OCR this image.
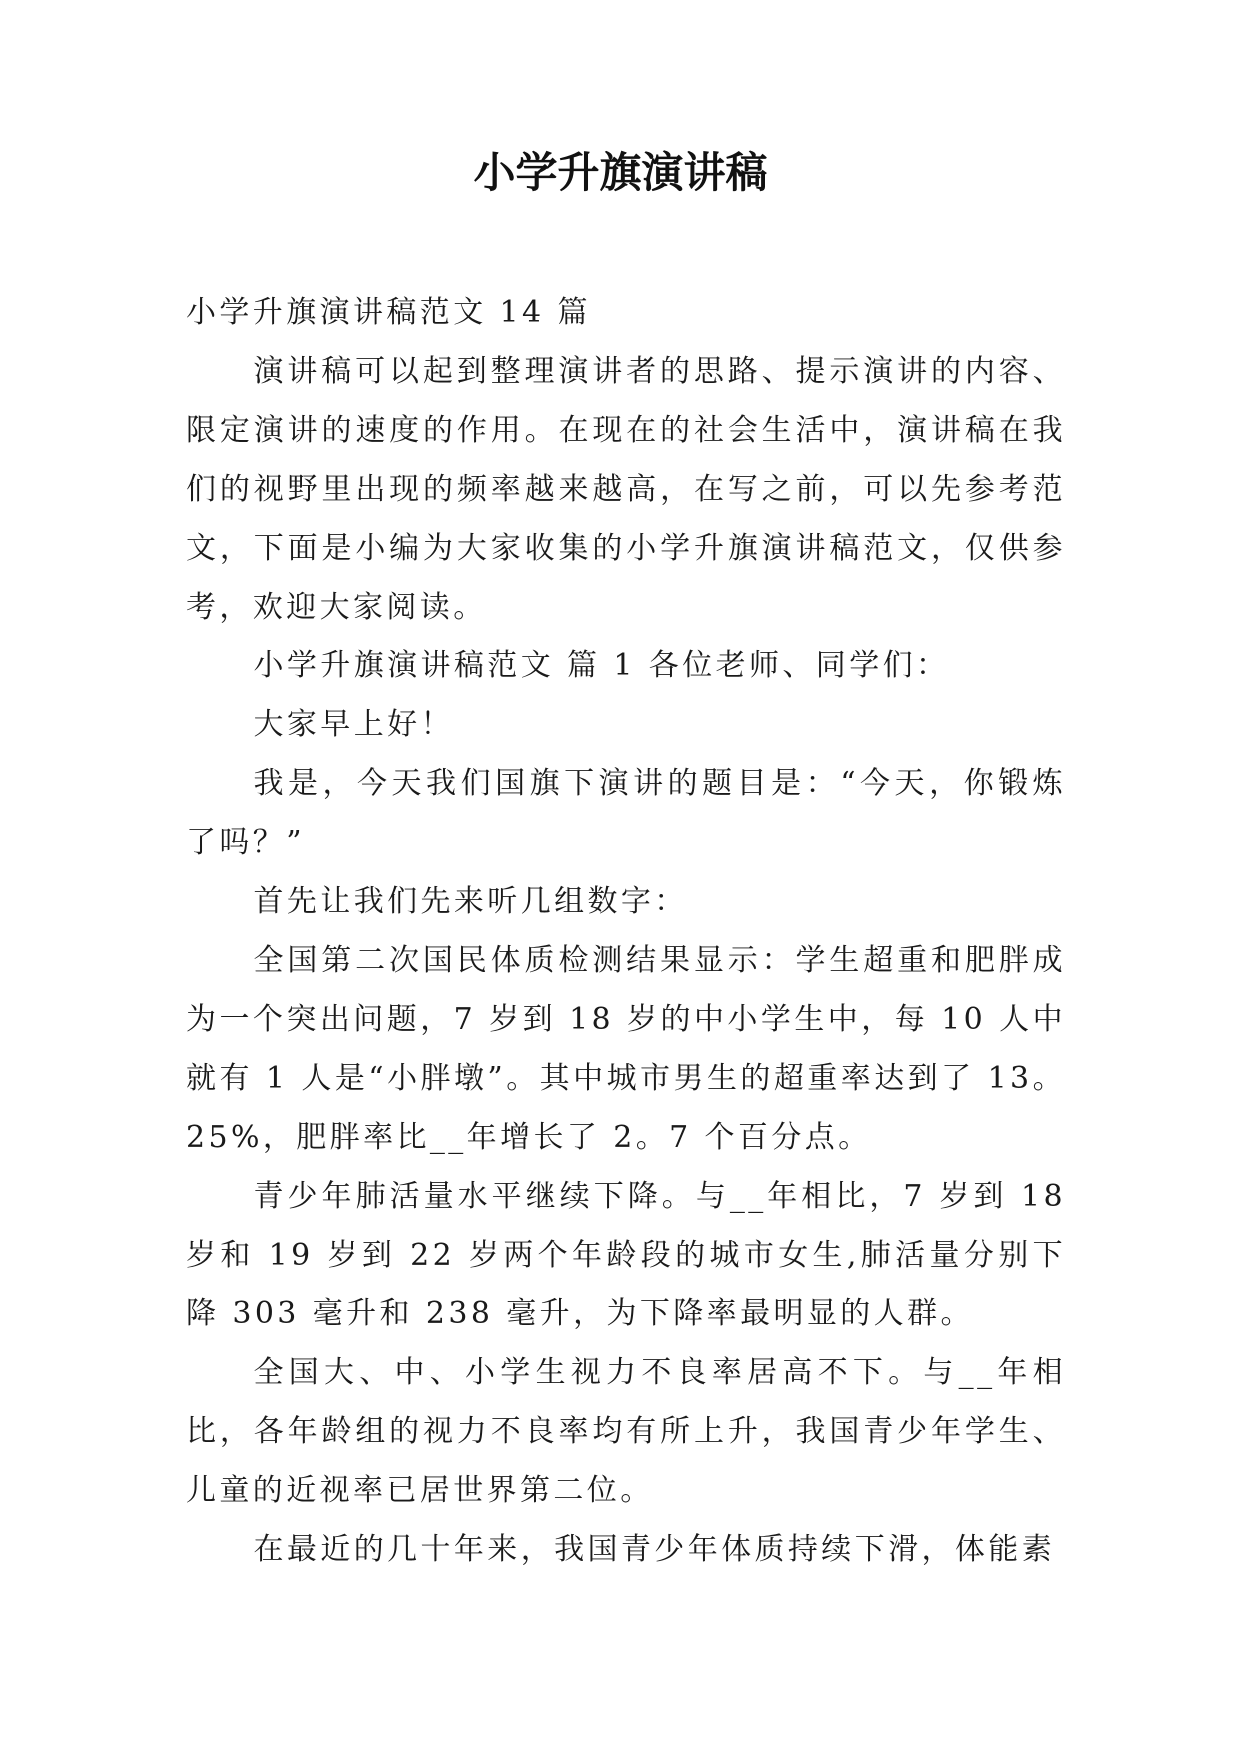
小学升旗演讲稿

小学升旗演讲稿范文 14 篇

演讲稿可以起到整理演讲者的思路、提示演讲的内容、限定演讲的速度的作用。在现在的社会生活中，演讲稿在我们的视野里出现的频率越来越高，在写之前，可以先参考范文，下面是小编为大家收集的小学升旗演讲稿范文，仅供参考，欢迎大家阅读。

小学升旗演讲稿范文 篇 1 各位老师、同学们：

大家早上好！

我是，今天我们国旗下演讲的题目是：“今天，你锻炼了吗？”

首先让我们先来听几组数字：

全国第二次国民体质检测结果显示：学生超重和肥胖成为一个突出问题，7 岁到 18 岁的中小学生中，每 10 人中就有 1 人是“小胖墩”。其中城市男生的超重率达到了 13。25%，肥胖率比__年增长了 2。7 个百分点。

青少年肺活量水平继续下降。与__年相比，7 岁到 18 岁和 19 岁到 22 岁两个年龄段的城市女生,肺活量分别下降 303 毫升和 238 毫升，为下降率最明显的人群。

全国大、中、小学生视力不良率居高不下。与__年相比，各年龄组的视力不良率均有所上升，我国青少年学生、儿童的近视率已居世界第二位。

在最近的几十年来，我国青少年体质持续下滑，体能素
